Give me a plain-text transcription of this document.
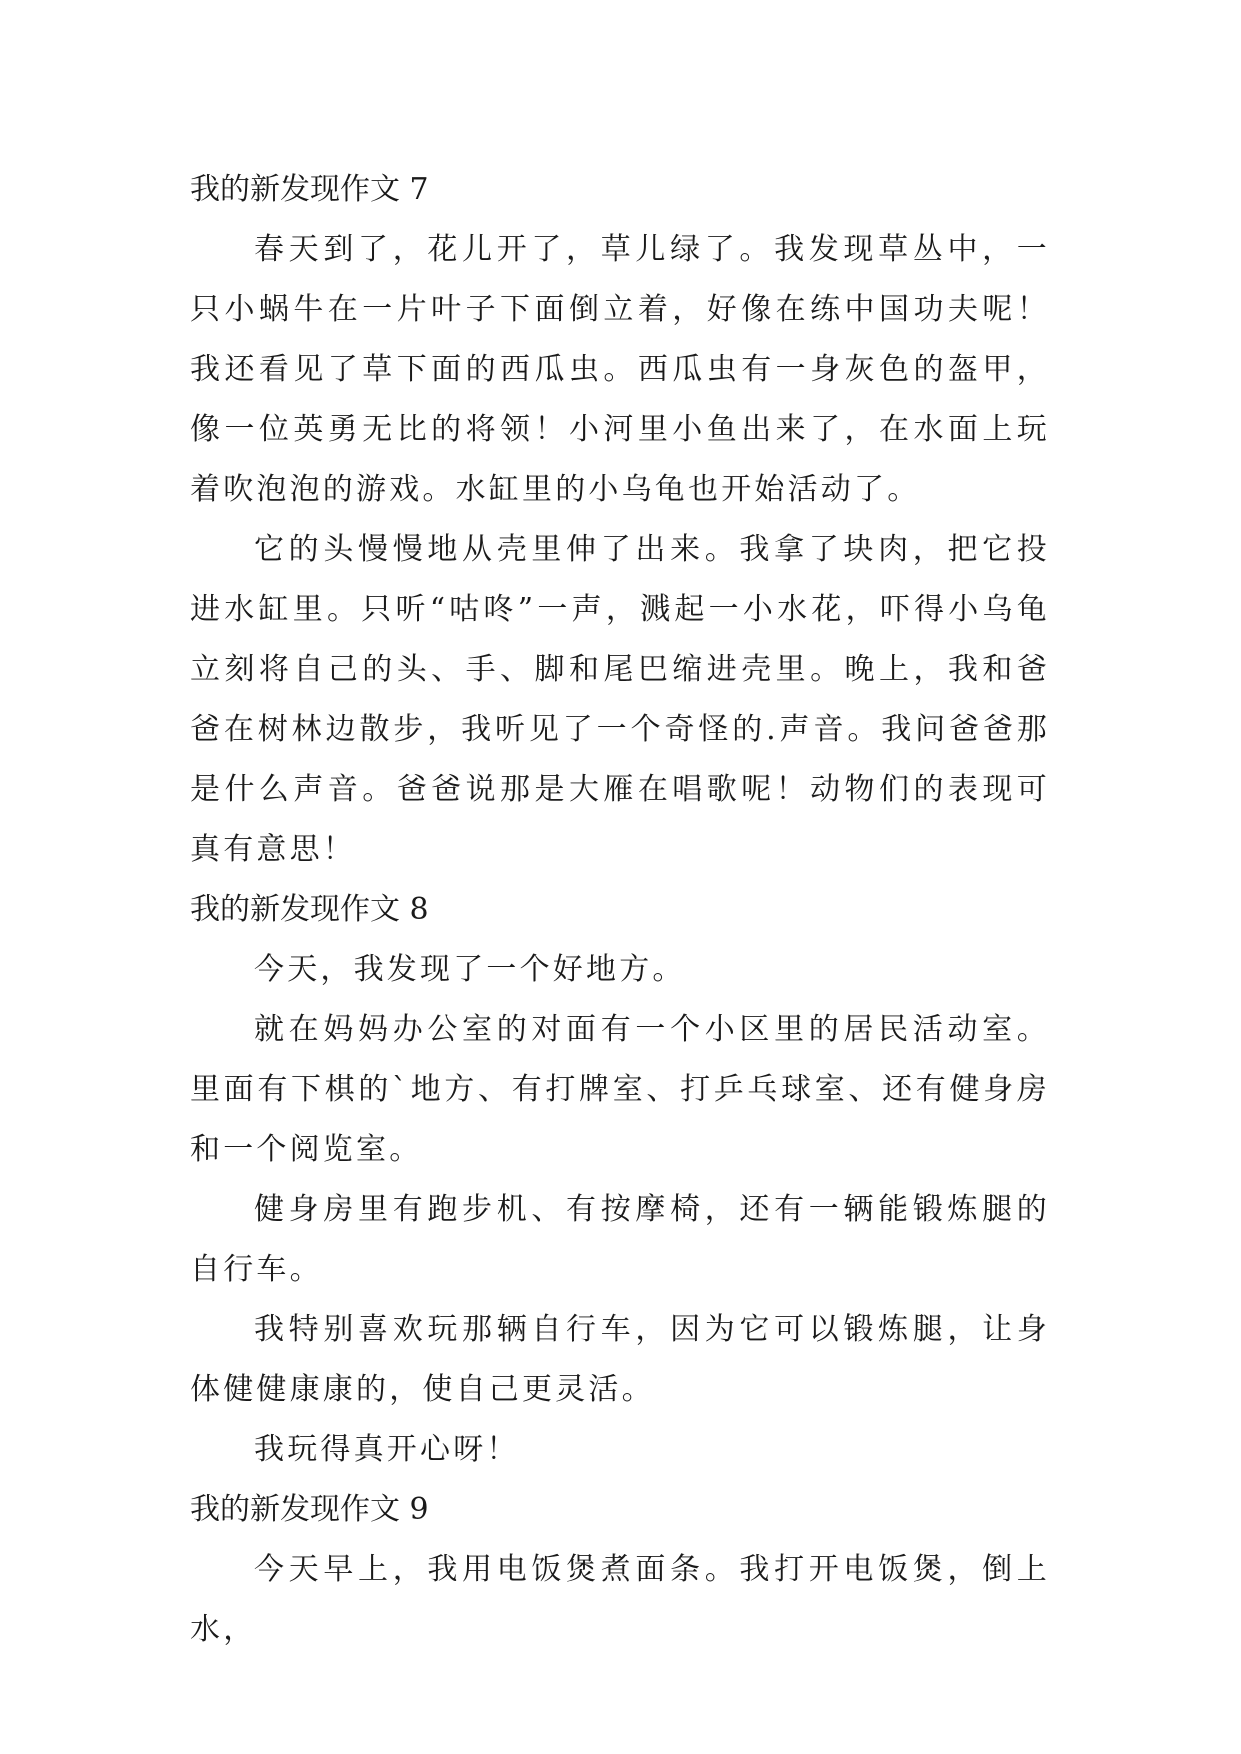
我的新发现作文 7

春天到了，花儿开了，草儿绿了。我发现草丛中，一只小蜗牛在一片叶子下面倒立着，好像在练中国功夫呢！我还看见了草下面的西瓜虫。西瓜虫有一身灰色的盔甲，像一位英勇无比的将领！小河里小鱼出来了，在水面上玩着吹泡泡的游戏。水缸里的小乌龟也开始活动了。

它的头慢慢地从壳里伸了出来。我拿了块肉，把它投进水缸里。只听“咕咚”一声，溅起一小水花，吓得小乌龟立刻将自己的头、手、脚和尾巴缩进壳里。晚上，我和爸爸在树林边散步，我听见了一个奇怪的.声音。我问爸爸那是什么声音。爸爸说那是大雁在唱歌呢！动物们的表现可真有意思！

我的新发现作文 8

今天，我发现了一个好地方。

就在妈妈办公室的对面有一个小区里的居民活动室。里面有下棋的`地方、有打牌室、打乒乓球室、还有健身房和一个阅览室。

健身房里有跑步机、有按摩椅，还有一辆能锻炼腿的自行车。

我特别喜欢玩那辆自行车，因为它可以锻炼腿，让身体健健康康的，使自己更灵活。

我玩得真开心呀！

我的新发现作文 9

今天早上，我用电饭煲煮面条。我打开电饭煲，倒上水，
